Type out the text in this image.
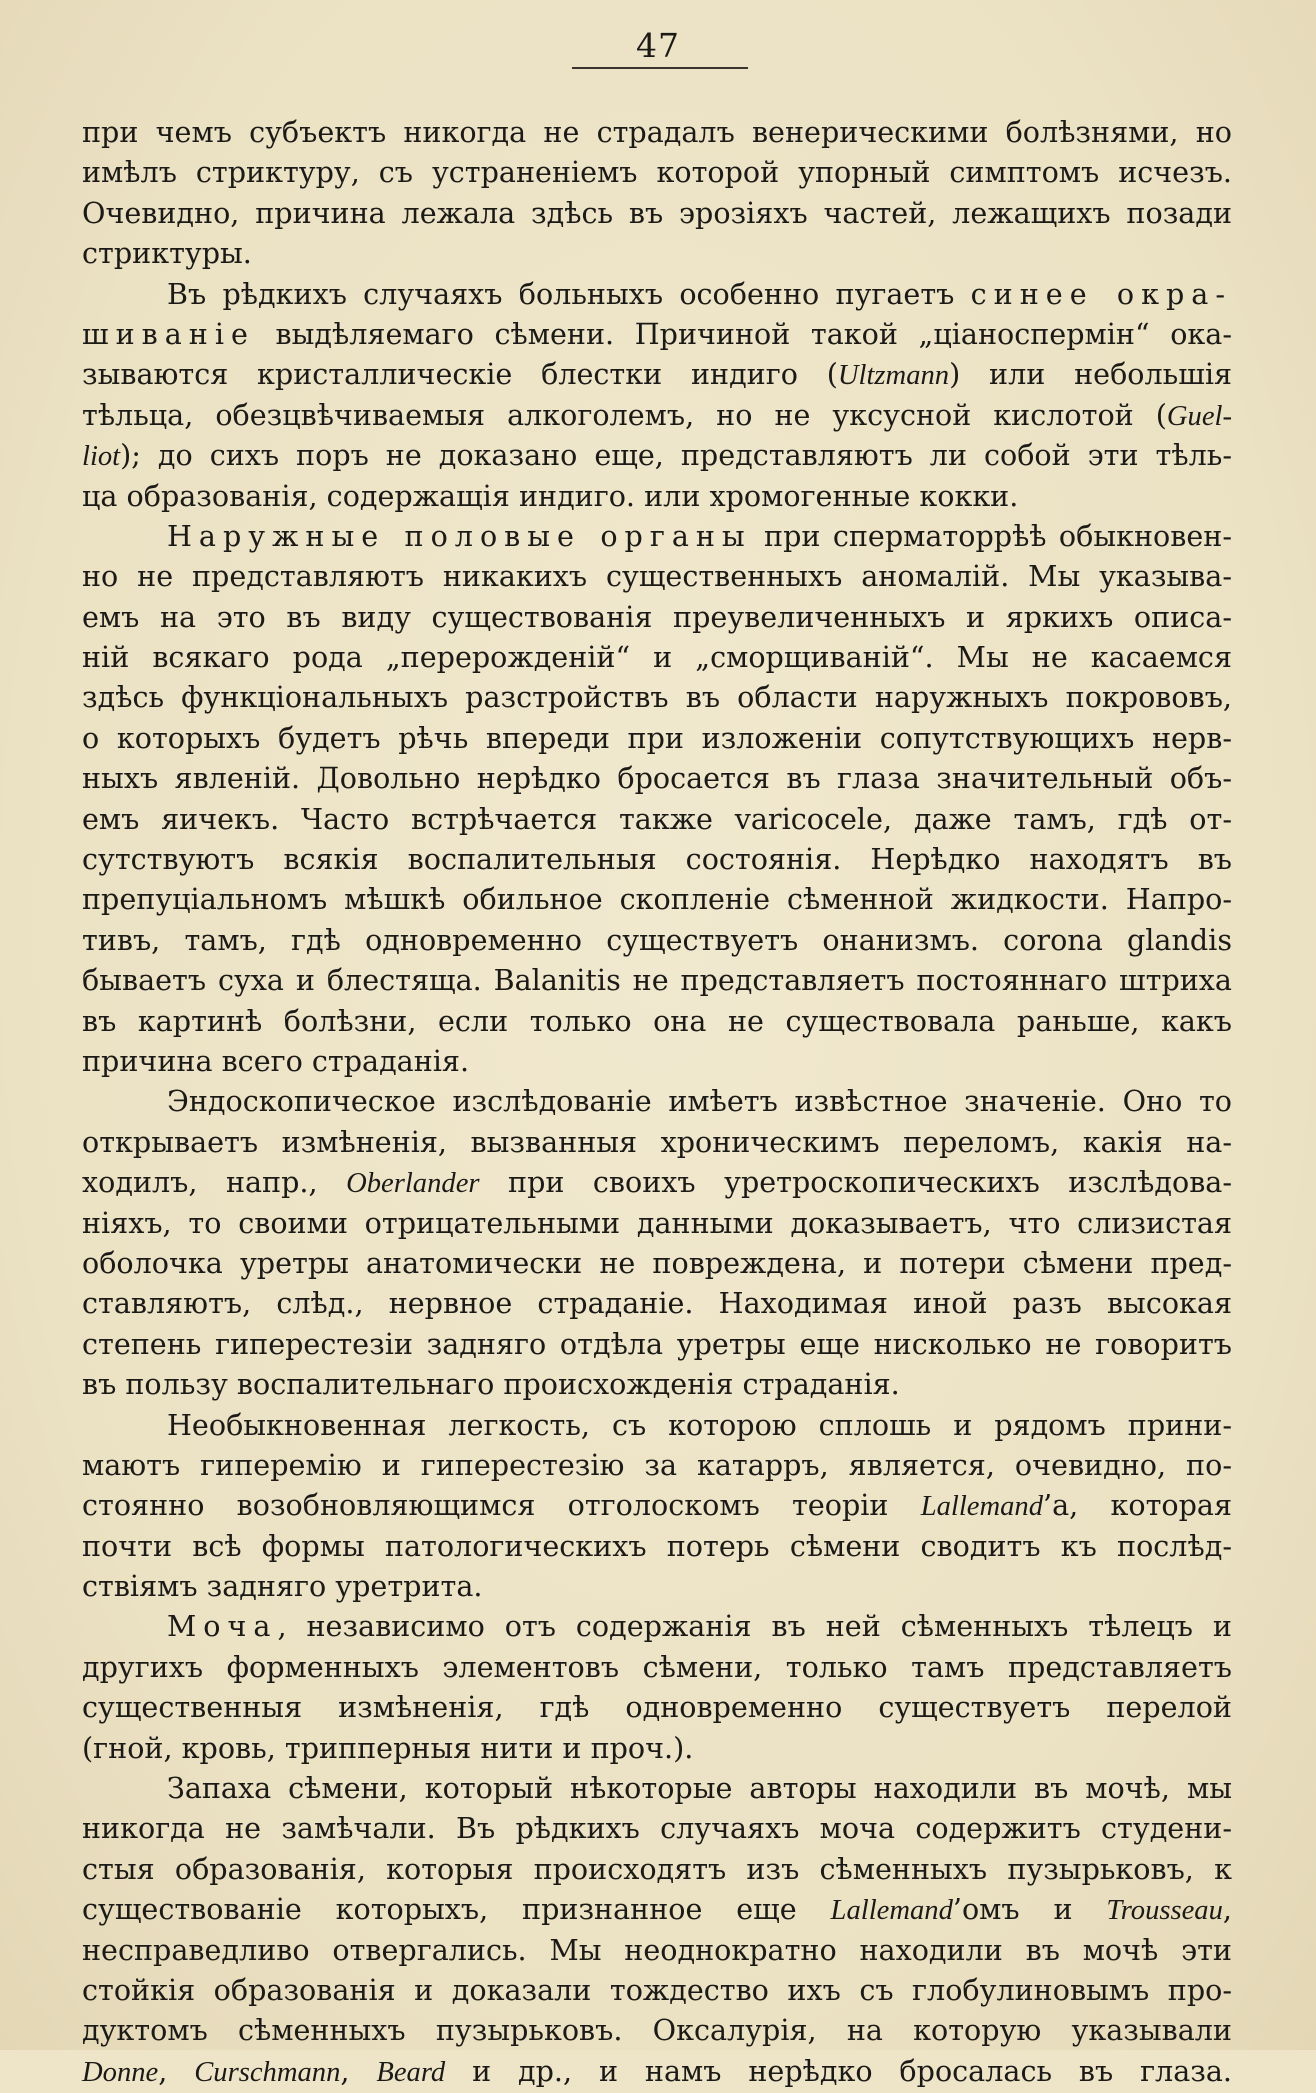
47
при чемъ субъектъ никогда не страдалъ венерическими болѣзнями, но
имѣлъ стриктуру, съ устраненіемъ которой упорный симптомъ исчезъ.
Очевидно, причина лежала здѣсь въ эрозіяхъ частей, лежащихъ позади
стриктуры.
Въ рѣдкихъ случаяхъ больныхъ особенно пугаетъ синее окра-
шиваніе выдѣляемаго сѣмени. Причиной такой „ціаноспермін“ ока-
зываются кристаллическіе блестки индиго (Ultzmann) или небольшія
тѣльца, обезцвѣчиваемыя алкоголемъ, но не уксусной кислотой (Guel-
liot); до сихъ поръ не доказано еще, представляютъ ли собой эти тѣль-
ца образованія, содержащія индиго. или хромогенные кокки.
Наружные половые органы при сперматоррѣѣ обыкновен-
но не представляютъ никакихъ существенныхъ аномалій. Мы указыва-
емъ на это въ виду существованія преувеличенныхъ и яркихъ описа-
ній всякаго рода „перерожденій“ и „сморщиваній“. Мы не касаемся
здѣсь функціональныхъ разстройствъ въ области наружныхъ покрововъ,
о которыхъ будетъ рѣчь впереди при изложеніи сопутствующихъ нерв-
ныхъ явленій. Довольно нерѣдко бросается въ глаза значительный объ-
емъ яичекъ. Часто встрѣчается также varicocele, даже тамъ, гдѣ от-
сутствуютъ всякія воспалительныя состоянія. Нерѣдко находятъ въ
препуціальномъ мѣшкѣ обильное скопленіе сѣменной жидкости. Напро-
тивъ, тамъ, гдѣ одновременно существуетъ онанизмъ. corona glandis
бываетъ суха и блестяща. Balanitis не представляетъ постояннаго штриха
въ картинѣ болѣзни, если только она не существовала раньше, какъ
причина всего страданія.
Эндоскопическое изслѣдованіе имѣетъ извѣстное значеніе. Оно то
открываетъ измѣненія, вызванныя хроническимъ переломъ, какія на-
ходилъ, напр., Oberlander при своихъ уретроскопическихъ изслѣдова-
ніяхъ, то своими отрицательными данными доказываетъ, что слизистая
оболочка уретры анатомически не повреждена, и потери сѣмени пред-
ставляютъ, слѣд., нервное страданіе. Находимая иной разъ высокая
степень гиперестезіи задняго отдѣла уретры еще нисколько не говоритъ
въ пользу воспалительнаго происхожденія страданія.
Необыкновенная легкость, съ которою сплошь и рядомъ прини-
маютъ гиперемію и гиперестезію за катарръ, является, очевидно, по-
стоянно возобновляющимся отголоскомъ теоріи Lallemand’а, которая
почти всѣ формы патологическихъ потерь сѣмени сводитъ къ послѣд-
ствіямъ задняго уретрита.
Моча, независимо отъ содержанія въ ней сѣменныхъ тѣлецъ и
другихъ форменныхъ элементовъ сѣмени, только тамъ представляетъ
существенныя измѣненія, гдѣ одновременно существуетъ перелой
(гной, кровь, трипперныя нити и проч.).
Запаха сѣмени, который нѣкоторые авторы находили въ мочѣ, мы
никогда не замѣчали. Въ рѣдкихъ случаяхъ моча содержитъ студени-
стыя образованія, которыя происходятъ изъ сѣменныхъ пузырьковъ, к
существованіе которыхъ, признанное еще Lallemand’омъ и Trousseau,
несправедливо отвергались. Мы неоднократно находили въ мочѣ эти
стойкія образованія и доказали тождество ихъ съ глобулиновымъ про-
дуктомъ сѣменныхъ пузырьковъ. Оксалурія, на которую указывали
Donne, Curschmann, Beard и др., и намъ нерѣдко бросалась въ глаза.
